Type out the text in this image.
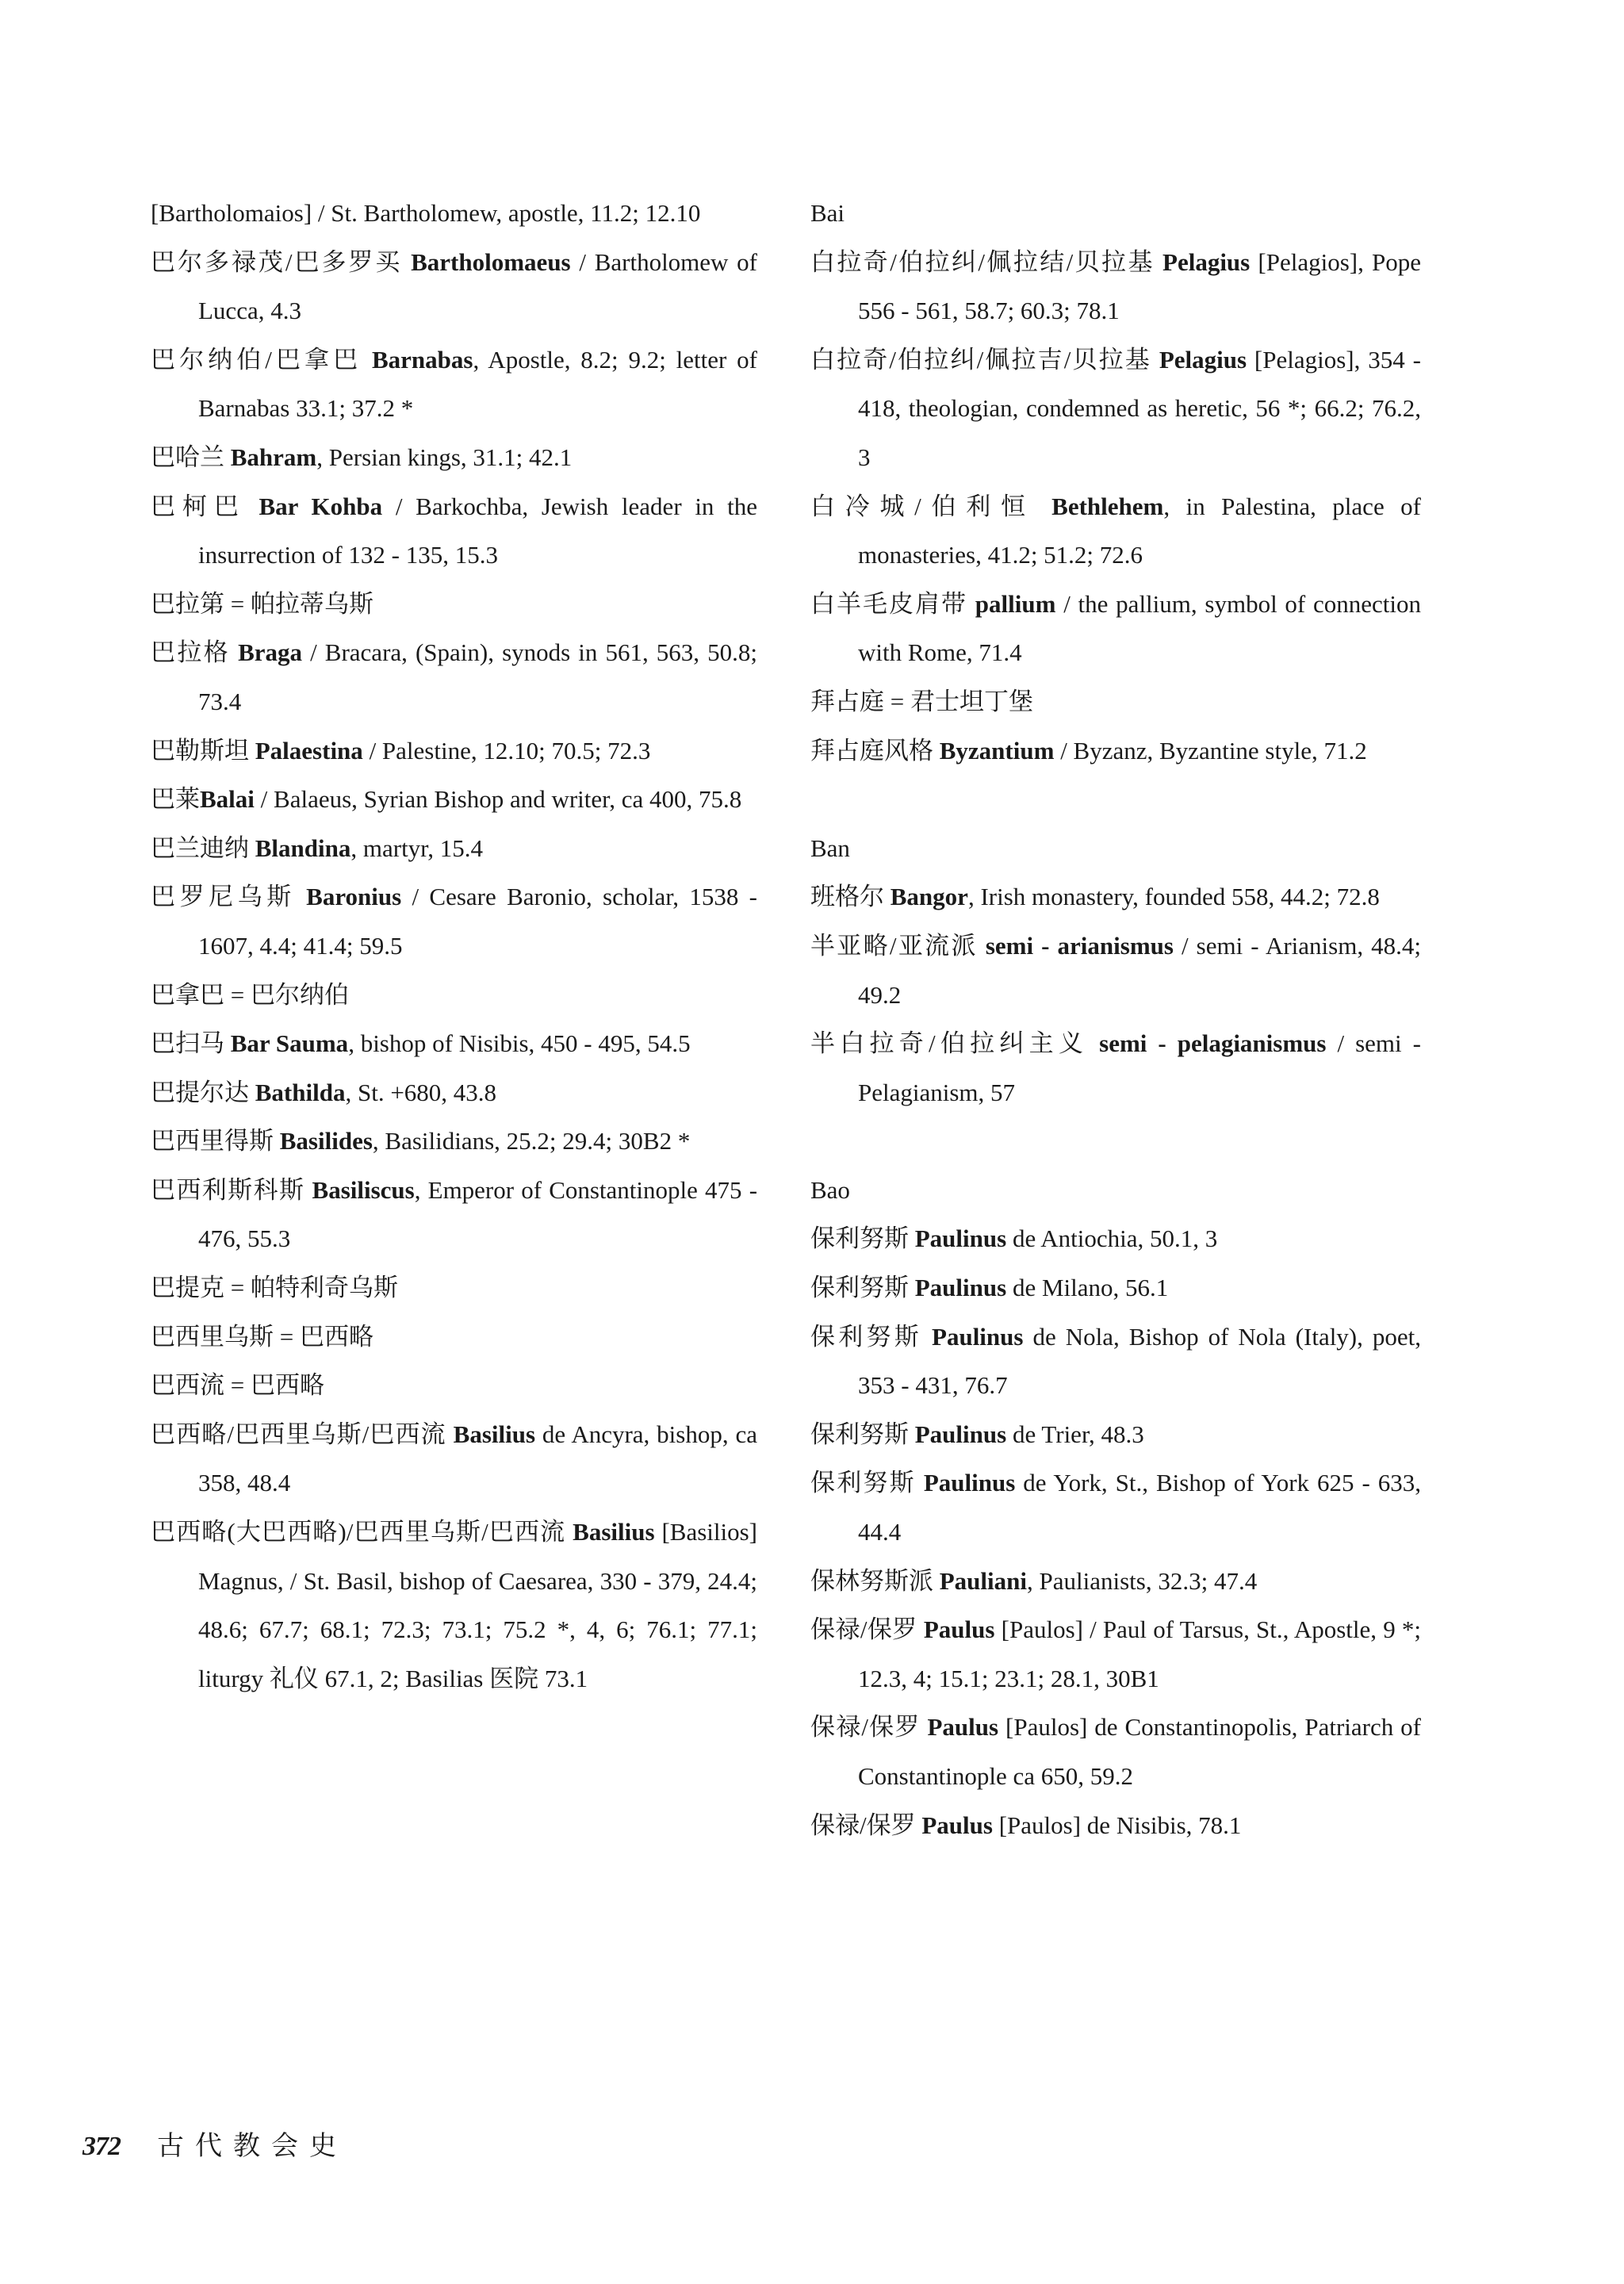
[Bartholomaios] / St. Bartholomew, apostle, 11.2; 12.10

巴尔多禄茂/巴多罗买 Bartholomaeus / Bartholomew of Lucca, 4.3

巴尔纳伯/巴拿巴 Barnabas, Apostle, 8.2; 9.2; letter of Barnabas 33.1; 37.2 *

巴哈兰 Bahram, Persian kings, 31.1; 42.1

巴柯巴 Bar Kohba / Barkochba, Jewish leader in the insurrection of 132 - 135, 15.3

巴拉第 = 帕拉蒂乌斯

巴拉格 Braga / Bracara, (Spain), synods in 561, 563, 50.8; 73.4

巴勒斯坦 Palaestina / Palestine, 12.10; 70.5; 72.3

巴莱Balai / Balaeus, Syrian Bishop and writer, ca 400, 75.8

巴兰迪纳 Blandina, martyr, 15.4

巴罗尼乌斯 Baronius / Cesare Baronio, scholar, 1538 - 1607, 4.4; 41.4; 59.5

巴拿巴 = 巴尔纳伯

巴扫马 Bar Sauma, bishop of Nisibis, 450 - 495, 54.5

巴提尔达 Bathilda, St. +680, 43.8

巴西里得斯 Basilides, Basilidians, 25.2; 29.4; 30B2 *

巴西利斯科斯 Basiliscus, Emperor of Constantinople 475 - 476, 55.3

巴提克 = 帕特利奇乌斯

巴西里乌斯 = 巴西略

巴西流 = 巴西略

巴西略/巴西里乌斯/巴西流 Basilius de Ancyra, bishop, ca 358, 48.4

巴西略(大巴西略)/巴西里乌斯/巴西流 Basilius [Basilios] Magnus, / St. Basil, bishop of Caesarea, 330 - 379, 24.4; 48.6; 67.7; 68.1; 72.3; 73.1; 75.2 *, 4, 6; 76.1; 77.1; liturgy 礼仪 67.1, 2; Basilias 医院 73.1

Bai

白拉奇/伯拉纠/佩拉结/贝拉基 Pelagius [Pelagios], Pope 556 - 561, 58.7; 60.3; 78.1

白拉奇/伯拉纠/佩拉吉/贝拉基 Pelagius [Pelagios], 354 - 418, theologian, condemned as heretic, 56 *; 66.2; 76.2, 3

白冷城/伯利恒 Bethlehem, in Palestina, place of monasteries, 41.2; 51.2; 72.6

白羊毛皮肩带 pallium / the pallium, symbol of connection with Rome, 71.4

拜占庭 = 君士坦丁堡

拜占庭风格 Byzantium / Byzanz, Byzantine style, 71.2

Ban

班格尔 Bangor, Irish monastery, founded 558, 44.2; 72.8

半亚略/亚流派 semi - arianismus / semi - Arianism, 48.4; 49.2

半白拉奇/伯拉纠主义 semi - pelagianismus / semi - Pelagianism, 57

Bao

保利努斯 Paulinus de Antiochia, 50.1, 3

保利努斯 Paulinus de Milano, 56.1

保利努斯 Paulinus de Nola, Bishop of Nola (Italy), poet, 353 - 431, 76.7

保利努斯 Paulinus de Trier, 48.3

保利努斯 Paulinus de York, St., Bishop of York 625 - 633, 44.4

保林努斯派 Pauliani, Paulianists, 32.3; 47.4

保禄/保罗 Paulus [Paulos] / Paul of Tarsus, St., Apostle, 9 *; 12.3, 4; 15.1; 23.1; 28.1, 30B1

保禄/保罗 Paulus [Paulos] de Constantinopolis, Patriarch of Constantinople ca 650, 59.2

保禄/保罗 Paulus [Paulos] de Nisibis, 78.1

372 古代教会史
